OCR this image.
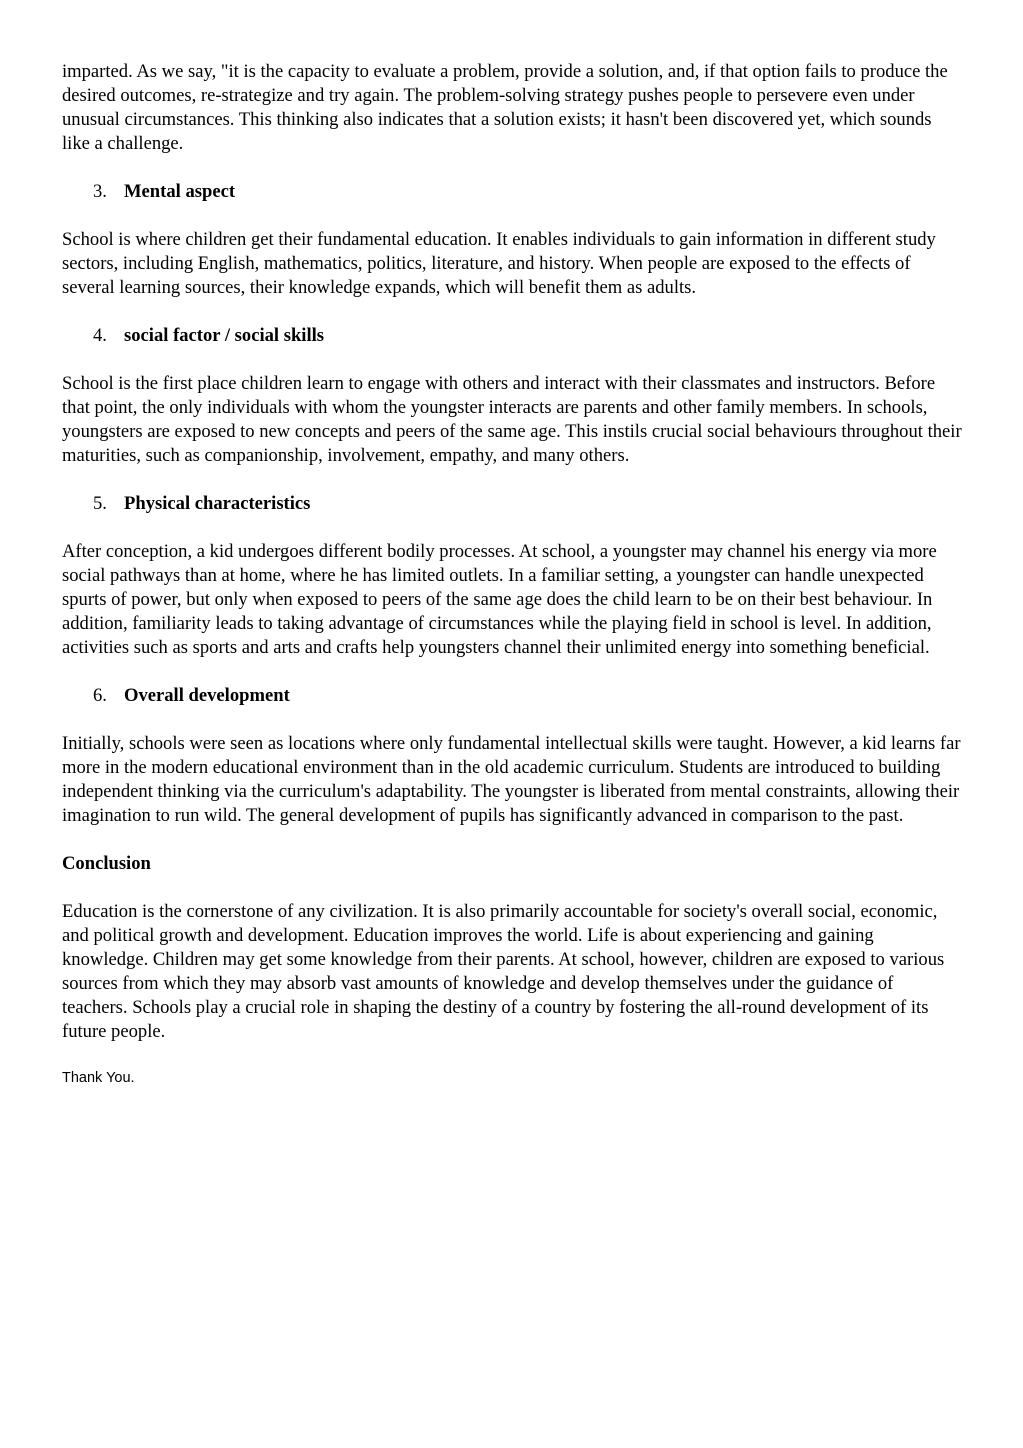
imparted. As we say, "it is the capacity to evaluate a problem, provide a solution, and, if that option fails to produce the desired outcomes, re-strategize and try again. The problem-solving strategy pushes people to persevere even under unusual circumstances. This thinking also indicates that a solution exists; it hasn't been discovered yet, which sounds like a challenge.

3. Mental aspect

School is where children get their fundamental education. It enables individuals to gain information in different study sectors, including English, mathematics, politics, literature, and history. When people are exposed to the effects of several learning sources, their knowledge expands, which will benefit them as adults.

4. social factor / social skills

School is the first place children learn to engage with others and interact with their classmates and instructors. Before that point, the only individuals with whom the youngster interacts are parents and other family members. In schools, youngsters are exposed to new concepts and peers of the same age. This instils crucial social behaviours throughout their maturities, such as companionship, involvement, empathy, and many others.

5. Physical characteristics

After conception, a kid undergoes different bodily processes. At school, a youngster may channel his energy via more social pathways than at home, where he has limited outlets. In a familiar setting, a youngster can handle unexpected spurts of power, but only when exposed to peers of the same age does the child learn to be on their best behaviour. In addition, familiarity leads to taking advantage of circumstances while the playing field in school is level. In addition, activities such as sports and arts and crafts help youngsters channel their unlimited energy into something beneficial.

6. Overall development

Initially, schools were seen as locations where only fundamental intellectual skills were taught. However, a kid learns far more in the modern educational environment than in the old academic curriculum. Students are introduced to building independent thinking via the curriculum's adaptability. The youngster is liberated from mental constraints, allowing their imagination to run wild. The general development of pupils has significantly advanced in comparison to the past.

Conclusion

Education is the cornerstone of any civilization. It is also primarily accountable for society's overall social, economic, and political growth and development. Education improves the world. Life is about experiencing and gaining knowledge. Children may get some knowledge from their parents. At school, however, children are exposed to various sources from which they may absorb vast amounts of knowledge and develop themselves under the guidance of teachers. Schools play a crucial role in shaping the destiny of a country by fostering the all-round development of its future people.

Thank You.
